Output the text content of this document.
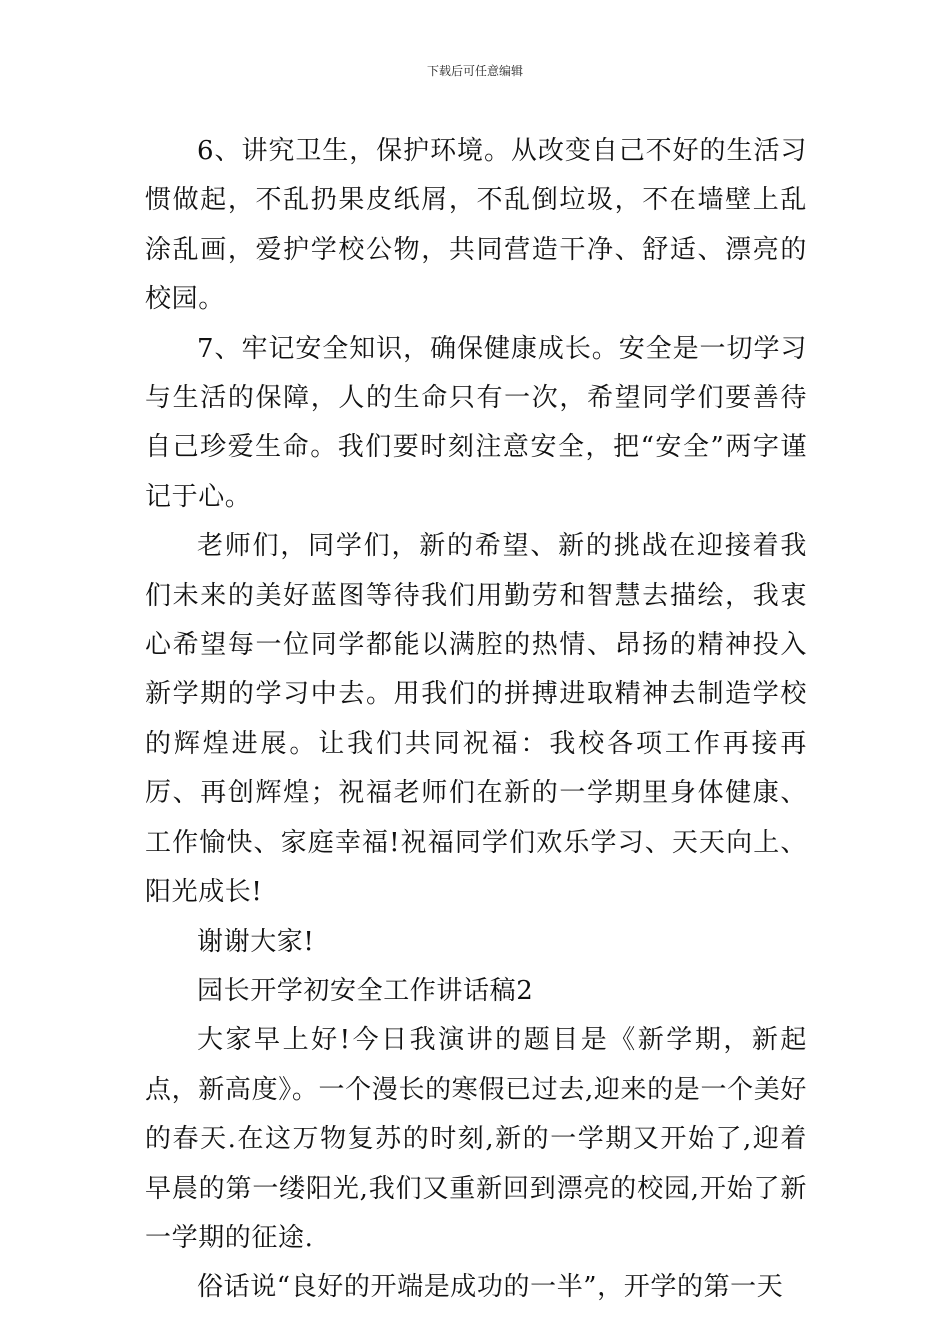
下载后可任意编辑

6、讲究卫生，保护环境。从改变自己不好的生活习惯做起，不乱扔果皮纸屑，不乱倒垃圾，不在墙壁上乱涂乱画，爱护学校公物，共同营造干净、舒适、漂亮的校园。

7、牢记安全知识，确保健康成长。安全是一切学习与生活的保障，人的生命只有一次，希望同学们要善待自己珍爱生命。我们要时刻注意安全，把“安全”两字谨记于心。

老师们，同学们，新的希望、新的挑战在迎接着我们未来的美好蓝图等待我们用勤劳和智慧去描绘，我衷心希望每一位同学都能以满腔的热情、昂扬的精神投入新学期的学习中去。用我们的拼搏进取精神去制造学校的辉煌进展。让我们共同祝福：我校各项工作再接再厉、再创辉煌；祝福老师们在新的一学期里身体健康、工作愉快、家庭幸福!祝福同学们欢乐学习、天天向上、阳光成长!

谢谢大家!

园长开学初安全工作讲话稿2

大家早上好!今日我演讲的题目是《新学期，新起点，新高度》。一个漫长的寒假已过去,迎来的是一个美好的春天.在这万物复苏的时刻,新的一学期又开始了,迎着早晨的第一缕阳光,我们又重新回到漂亮的校园,开始了新一学期的征途.

俗话说“良好的开端是成功的一半”，开学的第一天
